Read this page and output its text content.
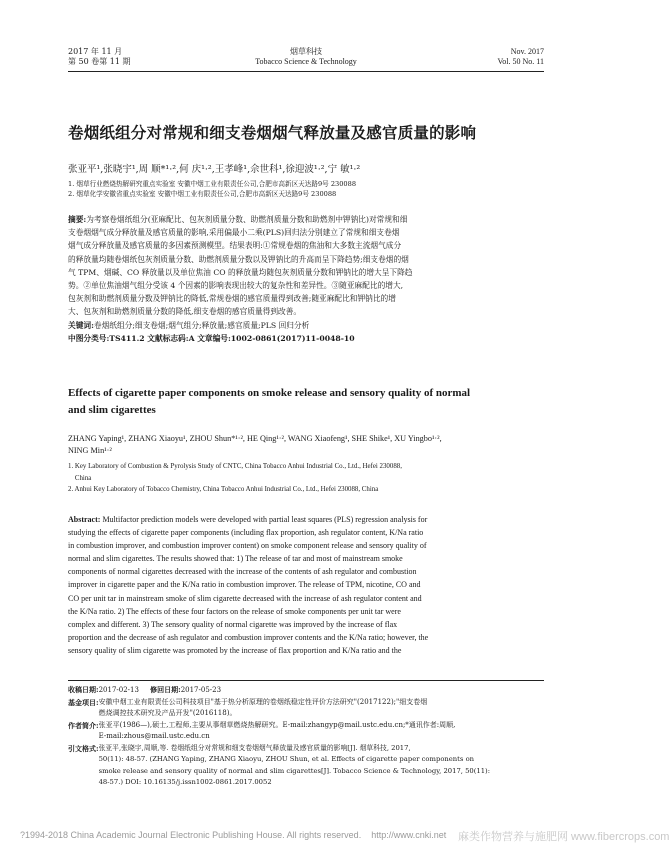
2017 年 11 月
第 50 卷第 11 期
烟草科技
Tobacco Science & Technology
Nov. 2017
Vol. 50 No. 11
卷烟纸组分对常规和细支卷烟烟气释放量及感官质量的影响
张亚平¹,张晓宇¹,周 顺*¹·²,何 庆¹·²,王孝峰¹,佘世科¹,徐迎波¹·²,宁 敏¹·²
1. 烟草行业燃烧热解研究重点实验室 安徽中烟工业有限责任公司,合肥市高新区天达路9号 230088
2. 烟草化学安徽省重点实验室 安徽中烟工业有限责任公司,合肥市高新区天达路9号 230088
摘要:为考察卷烟纸组分(亚麻配比、包灰剂质量分数、助燃剂质量分数和助燃剂中钾钠比)对常规和细
支卷烟烟气成分释放量及感官质量的影响,采用偏最小二乘(PLS)回归法分别建立了常规和细支卷烟
烟气成分释放量及感官质量的多因素预测模型。结果表明:①常规卷烟的焦油和大多数主流烟气成分
的释放量均随卷烟纸包灰剂质量分数、助燃剂质量分数以及钾钠比的升高而呈下降趋势;细支卷烟的烟
气 TPM、烟碱、CO 释放量以及单位焦油 CO 的释放量均随包灰剂质量分数和钾钠比的增大呈下降趋
势。②单位焦油烟气组分受该 4 个因素的影响表现出较大的复杂性和差异性。③随亚麻配比的增大,
包灰剂和助燃剂质量分数及钾钠比的降低,常规卷烟的感官质量得到改善;随亚麻配比和钾钠比的增
大、包灰剂和助燃剂质量分数的降低,细支卷烟的感官质量得到改善。
关键词:卷烟纸组分;细支卷烟;烟气组分;释放量;感官质量;PLS 回归分析
中图分类号:TS411.2 文献标志码:A 文章编号:1002-0861(2017)11-0048-10
Effects of cigarette paper components on smoke release and sensory quality of normal
and slim cigarettes
ZHANG Yaping¹, ZHANG Xiaoyu¹, ZHOU Shun*¹·², HE Qing¹·², WANG Xiaofeng¹, SHE Shike¹, XU Yingbo¹·²,
NING Min¹·²
1. Key Laboratory of Combustion & Pyrolysis Study of CNTC, China Tobacco Anhui Industrial Co., Ltd., Hefei 230088,
China
2. Anhui Key Laboratory of Tobacco Chemistry, China Tobacco Anhui Industrial Co., Ltd., Hefei 230088, China
Abstract: Multifactor prediction models were developed with partial least squares (PLS) regression analysis for
studying the effects of cigarette paper components (including flax proportion, ash regulator content, K/Na ratio
in combustion improver, and combustion improver content) on smoke component release and sensory quality of
normal and slim cigarettes. The results showed that: 1) The release of tar and most of mainstream smoke
components of normal cigarettes decreased with the increase of the contents of ash regulator and combustion
improver in cigarette paper and the K/Na ratio in combustion improver. The release of TPM, nicotine, CO and
CO per unit tar in mainstream smoke of slim cigarette decreased with the increase of ash regulator content and
the K/Na ratio. 2) The effects of these four factors on the release of smoke components per unit tar were
complex and different. 3) The sensory quality of normal cigarette was improved by the increase of flax
proportion and the decrease of ash regulator and combustion improver contents and the K/Na ratio; however, the
sensory quality of slim cigarette was promoted by the increase of flax proportion and K/Na ratio and the
收稿日期:2017-02-13 修回日期:2017-05-23
基金项目: 安徽中烟工业有限责任公司科技项目"基于热分析原理的卷烟纸稳定性评价方法研究"(2017122);"细支卷烟
燃烧调控技术研究及产品开发"(2016118)。
作者简介: 张亚平(1986—),硕士,工程师,主要从事烟草燃烧热解研究。E-mail:zhangyp@mail.ustc.edu.cn;*通讯作者:周顺,
E-mail:zhous@mail.ustc.edu.cn
引文格式: 张亚平,张晓宇,周顺,等. 卷烟纸组分对常规和细支卷烟烟气释放量及感官质量的影响[J]. 烟草科技, 2017,
50(11): 48-57. (ZHANG Yaping, ZHANG Xiaoyu, ZHOU Shun, et al. Effects of cigarette paper components on
smoke release and sensory quality of normal and slim cigarettes[J]. Tobacco Science & Technology, 2017, 50(11):
48-57.) DOI: 10.16135/j.issn1002-0861.2017.0052
?1994-2018 China Academic Journal Electronic Publishing House. All rights reserved.    http://www.cnki.net 麻类作物营养与施肥网 www.fibercrops.com
